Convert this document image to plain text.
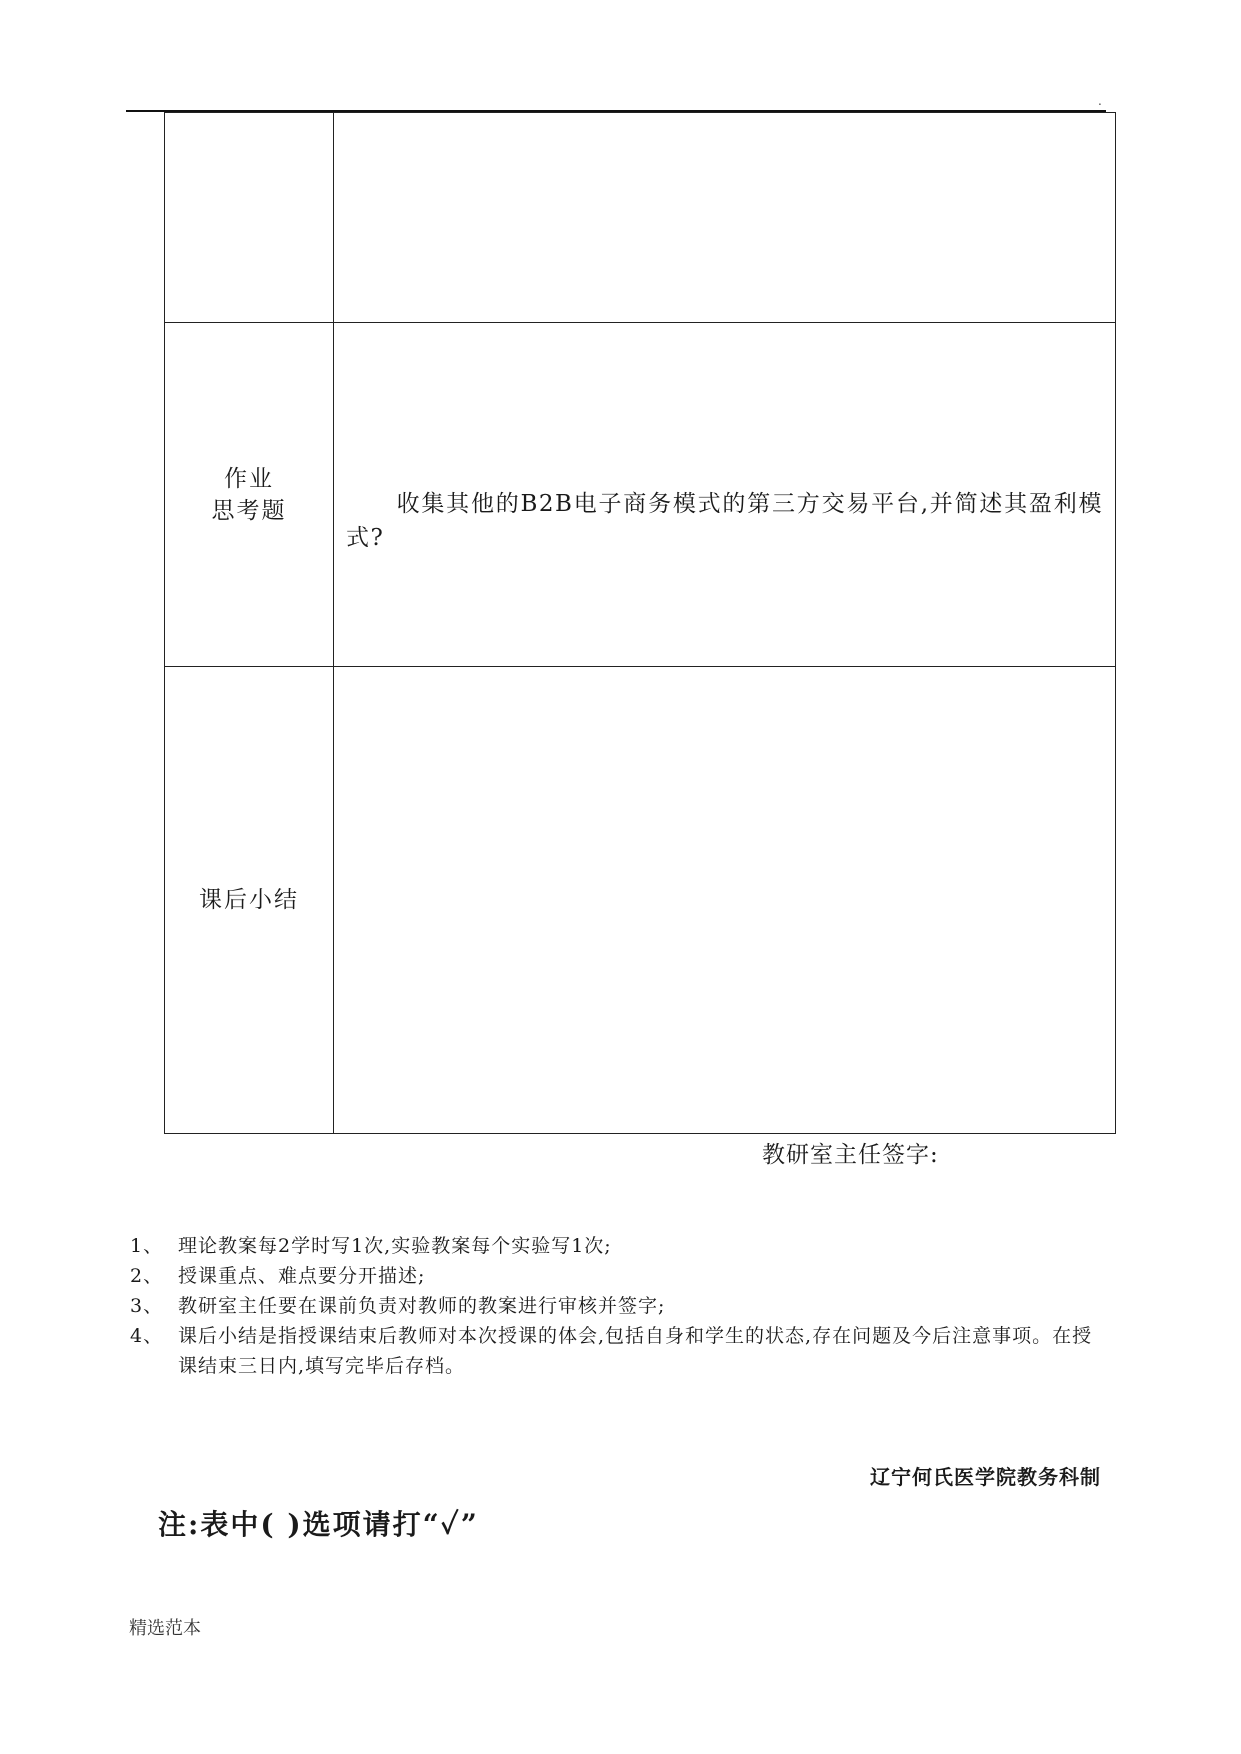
.

作业
思考题	收集其他的B2B电子商务模式的第三方交易平台,并简述其盈利模式?

课后小结	

教研室主任签字:
1、 理论教案每2学时写1次,实验教案每个实验写1次;
2、 授课重点、难点要分开描述;
3、 教研室主任要在课前负责对教师的教案进行审核并签字;
4、 课后小结是指授课结束后教师对本次授课的体会,包括自身和学生的状态,存在问题及今后注意事项。在授课结束三日内,填写完毕后存档。
辽宁何氏医学院教务科制
注:表中( )选项请打“✓”
精选范本
